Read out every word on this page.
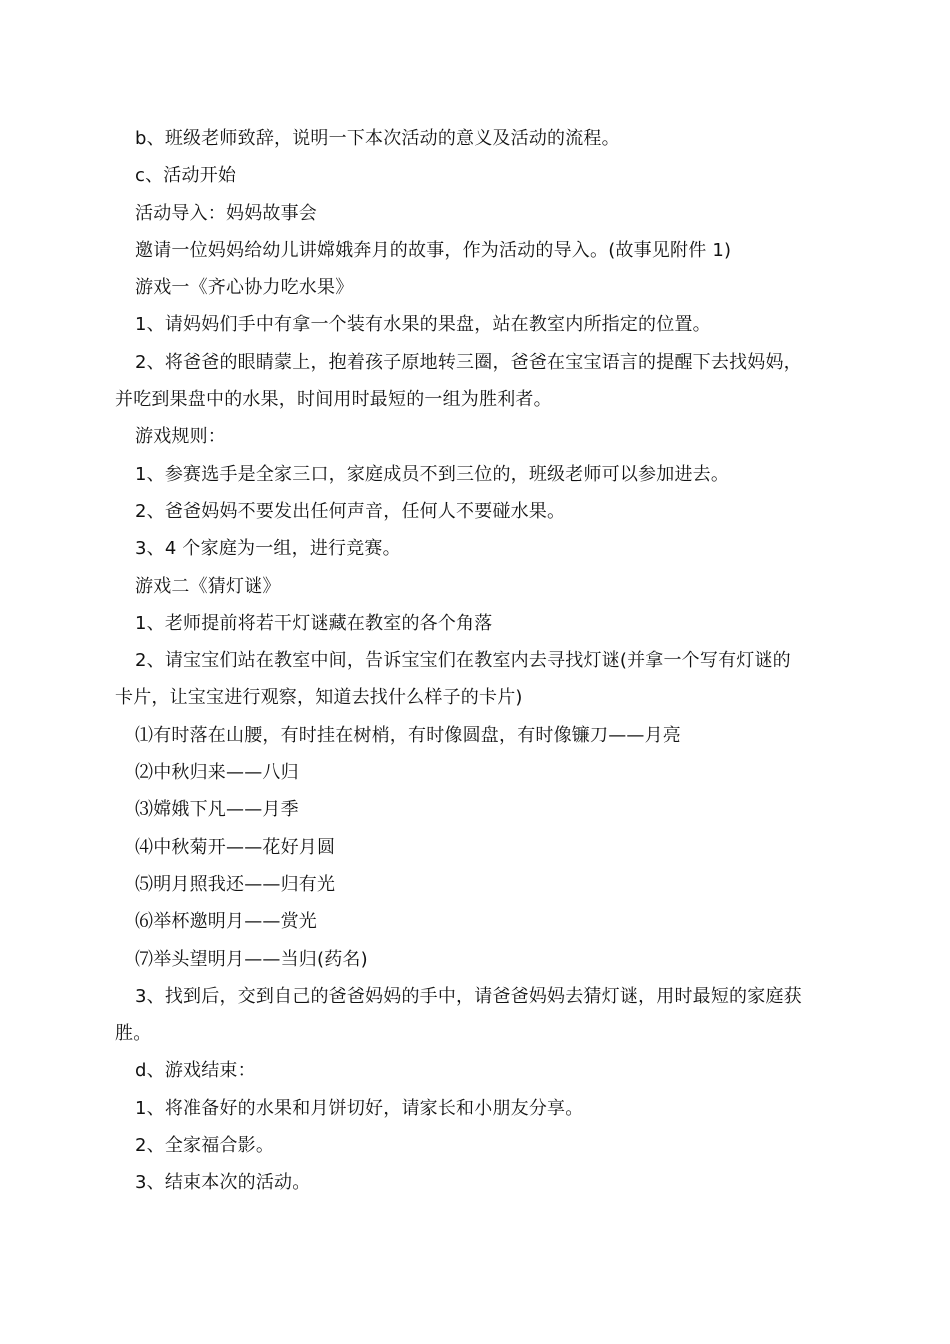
b、班级老师致辞，说明一下本次活动的意义及活动的流程。
c、活动开始
活动导入：妈妈故事会
邀请一位妈妈给幼儿讲嫦娥奔月的故事，作为活动的导入。(故事见附件 1)
游戏一《齐心协力吃水果》
1、请妈妈们手中有拿一个装有水果的果盘，站在教室内所指定的位置。
2、将爸爸的眼睛蒙上，抱着孩子原地转三圈，爸爸在宝宝语言的提醒下去找妈妈，
并吃到果盘中的水果，时间用时最短的一组为胜利者。
游戏规则：
1、参赛选手是全家三口，家庭成员不到三位的，班级老师可以参加进去。
2、爸爸妈妈不要发出任何声音，任何人不要碰水果。
3、4 个家庭为一组，进行竞赛。
游戏二《猜灯谜》
1、老师提前将若干灯谜藏在教室的各个角落
2、请宝宝们站在教室中间，告诉宝宝们在教室内去寻找灯谜(并拿一个写有灯谜的
卡片，让宝宝进行观察，知道去找什么样子的卡片)
⑴有时落在山腰，有时挂在树梢，有时像圆盘，有时像镰刀——月亮
⑵中秋归来——八归
⑶嫦娥下凡——月季
⑷中秋菊开——花好月圆
⑸明月照我还——归有光
⑹举杯邀明月——赏光
⑺举头望明月——当归(药名)
3、找到后，交到自己的爸爸妈妈的手中，请爸爸妈妈去猜灯谜，用时最短的家庭获
胜。
d、游戏结束：
1、将准备好的水果和月饼切好，请家长和小朋友分享。
2、全家福合影。
3、结束本次的活动。
